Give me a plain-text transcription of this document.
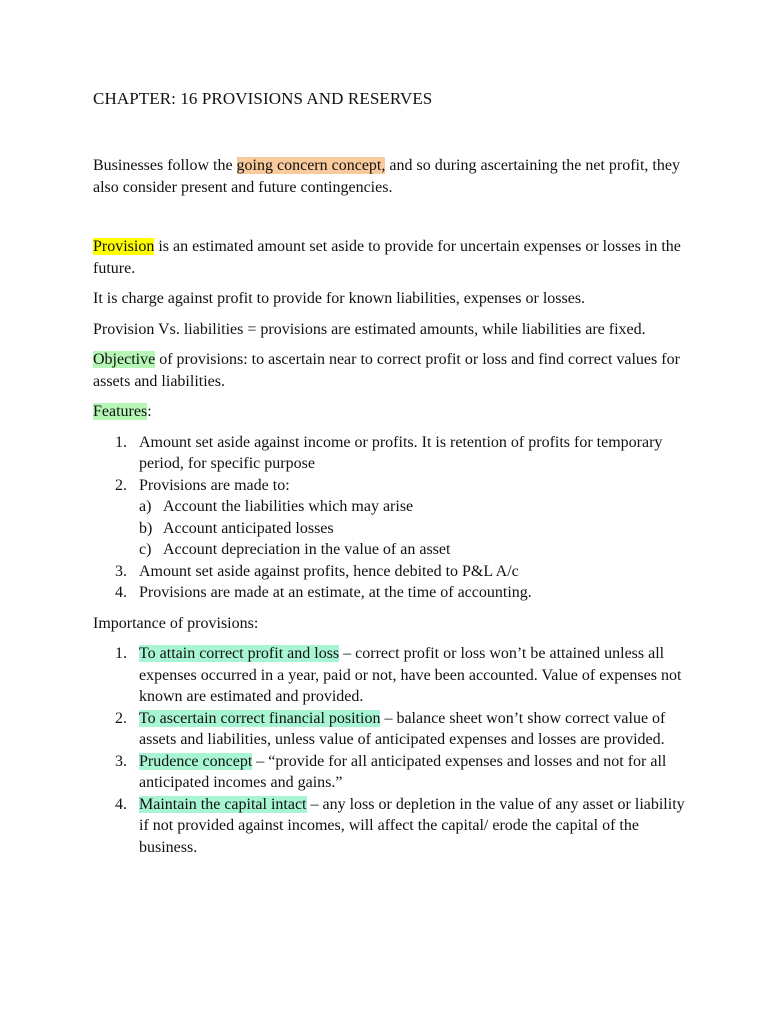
CHAPTER: 16 PROVISIONS AND RESERVES

Businesses follow the going concern concept, and so during ascertaining the net profit, they also consider present and future contingencies.

Provision is an estimated amount set aside to provide for uncertain expenses or losses in the future.

It is charge against profit to provide for known liabilities, expenses or losses.

Provision Vs. liabilities = provisions are estimated amounts, while liabilities are fixed.

Objective of provisions: to ascertain near to correct profit or loss and find correct values for assets and liabilities.

Features:

1. Amount set aside against income or profits. It is retention of profits for temporary period, for specific purpose
2. Provisions are made to:
a) Account the liabilities which may arise
b) Account anticipated losses
c) Account depreciation in the value of an asset
3. Amount set aside against profits, hence debited to P&L A/c
4. Provisions are made at an estimate, at the time of accounting.

Importance of provisions:

1. To attain correct profit and loss – correct profit or loss won’t be attained unless all expenses occurred in a year, paid or not, have been accounted. Value of expenses not known are estimated and provided.
2. To ascertain correct financial position – balance sheet won’t show correct value of assets and liabilities, unless value of anticipated expenses and losses are provided.
3. Prudence concept – “provide for all anticipated expenses and losses and not for all anticipated incomes and gains.”
4. Maintain the capital intact – any loss or depletion in the value of any asset or liability if not provided against incomes, will affect the capital/ erode the capital of the business.
